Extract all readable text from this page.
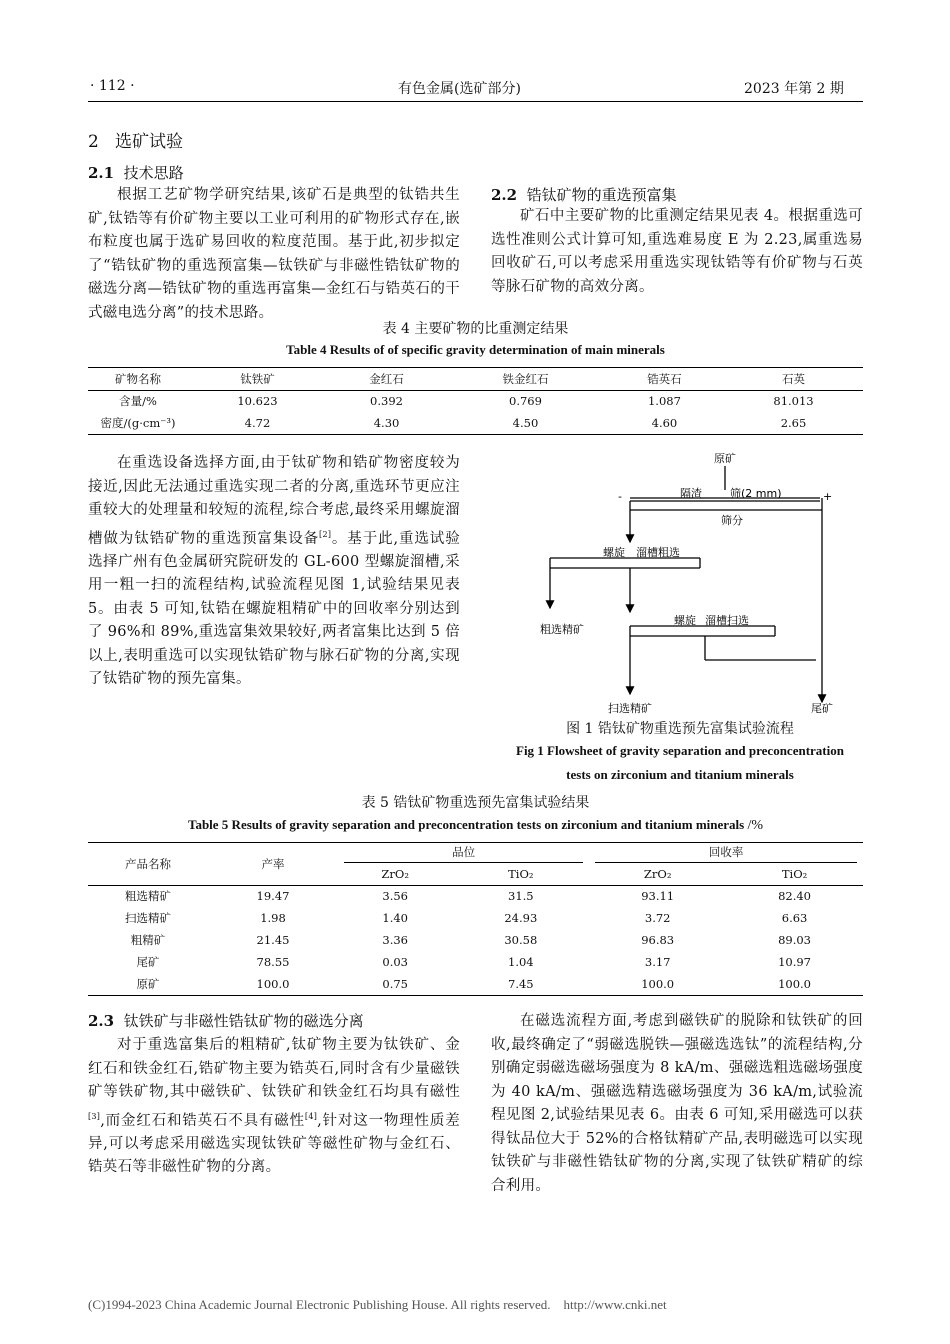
· 112 ·	有色金属(选矿部分)	2023 年第 2 期
2 选矿试验
2.1 技术思路

根据工艺矿物学研究结果,该矿石是典型的钛锆共生矿,钛锆等有价矿物主要以工业可利用的矿物形式存在,嵌布粒度也属于选矿易回收的粒度范围。基于此,初步拟定了“锆钛矿物的重选预富集—钛铁矿与非磁性锆钛矿物的磁选分离—锆钛矿物的重选再富集—金红石与锆英石的干式磁电选分离”的技术思路。

2.2 锆钛矿物的重选预富集

矿石中主要矿物的比重测定结果见表 4。根据重选可选性准则公式计算可知,重选难易度 E 为 2.23,属重选易回收矿石,可以考虑采用重选实现钛锆等有价矿物与石英等脉石矿物的高效分离。

表 4 主要矿物的比重测定结果
Table 4 Results of of specific gravity determination of main minerals
矿物名称	钛铁矿	金红石	铁金红石	锆英石	石英
含量/%	10.623	0.392	0.769	1.087	81.013
密度/(g·cm⁻³)	4.72	4.30	4.50	4.60	2.65

在重选设备选择方面,由于钛矿物和锆矿物密度较为接近,因此无法通过重选实现二者的分离,重选环节更应注重较大的处理量和较短的流程,综合考虑,最终采用螺旋溜槽做为钛锆矿物的重选预富集设备[2]。基于此,重选试验选择广州有色金属研究院研发的 GL-600 型螺旋溜槽,采用一粗一扫的流程结构,试验流程见图 1,试验结果见表 5。由表 5 可知,钛锆在螺旋粗精矿中的回收率分别达到了 96%和 89%,重选富集效果较好,两者富集比达到 5 倍以上,表明重选可以实现钛锆矿物与脉石矿物的分离,实现了钛锆矿物的预先富集。

原矿
-	+
隔渣	筛(2 mm)
筛分
螺旋 溜槽粗选
粗选精矿
螺旋 溜槽扫选
扫选精矿	尾矿
图 1 锆钛矿物重选预先富集试验流程
Fig 1 Flowsheet of gravity separation and preconcentration
tests on zirconium and titanium minerals
表 5 锆钛矿物重选预先富集试验结果
Table 5 Results of gravity separation and preconcentration tests on zirconium and titanium minerals /%
产品名称	产率	品位		回收率	

		ZrO₂	TiO₂	ZrO₂	TiO₂
粗选精矿	19.47	3.56	31.5	93.11	82.40
扫选精矿	1.98	1.40	24.93	3.72	6.63
粗精矿	21.45	3.36	30.58	96.83	89.03
尾矿	78.55	0.03	1.04	3.17	10.97
原矿	100.0	0.75	7.45	100.0	100.0
2.3 钛铁矿与非磁性锆钛矿物的磁选分离

对于重选富集后的粗精矿,钛矿物主要为钛铁矿、金红石和铁金红石,锆矿物主要为锆英石,同时含有少量磁铁矿等铁矿物,其中磁铁矿、钛铁矿和铁金红石均具有磁性[3],而金红石和锆英石不具有磁性[4],针对这一物理性质差异,可以考虑采用磁选实现钛铁矿等磁性矿物与金红石、锆英石等非磁性矿物的分离。

在磁选流程方面,考虑到磁铁矿的脱除和钛铁矿的回收,最终确定了“弱磁选脱铁—强磁选选钛”的流程结构,分别确定弱磁选磁场强度为 8 kA/m、强磁选粗选磁场强度为 40 kA/m、强磁选精选磁场强度为 36 kA/m,试验流程见图 2,试验结果见表 6。由表 6 可知,采用磁选可以获得钛品位大于 52%的合格钛精矿产品,表明磁选可以实现钛铁矿与非磁性锆钛矿物的分离,实现了钛铁矿精矿的综合利用。

(C)1994-2023 China Academic Journal Electronic Publishing House. All rights reserved.    http://www.cnki.net
